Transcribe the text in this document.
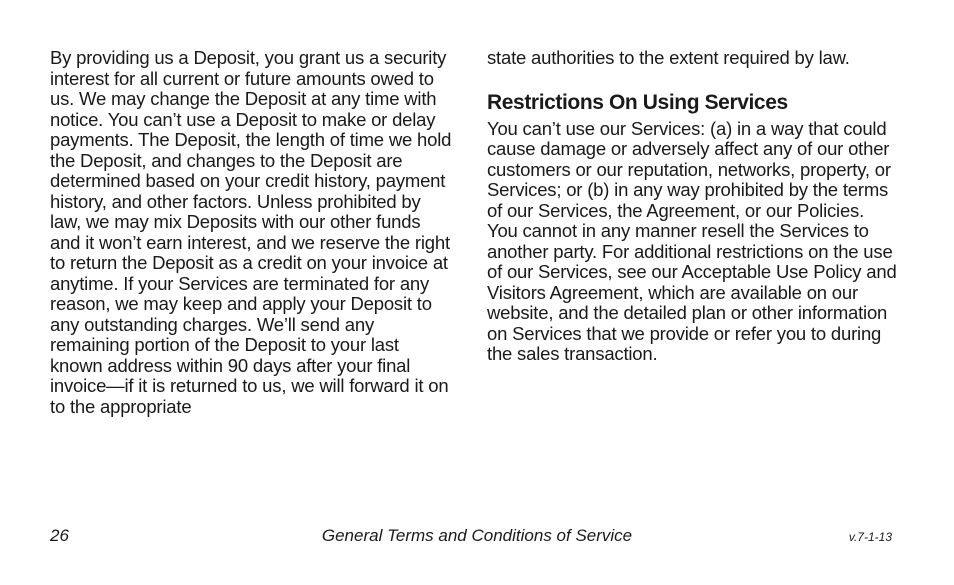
By providing us a Deposit, you grant us a security interest for all current or future amounts owed to us. We may change the Deposit at any time with notice. You can’t use a Deposit to make or delay payments. The Deposit, the length of time we hold the Deposit, and changes to the Deposit are determined based on your credit history, payment history, and other factors. Unless prohibited by law, we may mix Deposits with our other funds and it won’t earn interest, and we reserve the right to return the Deposit as a credit on your invoice at anytime. If your Services are terminated for any reason, we may keep and apply your Deposit to any outstanding charges. We’ll send any remaining portion of the Deposit to your last known address within 90 days after your final invoice—if it is returned to us, we will forward it on to the appropriate

state authorities to the extent required by law.

Restrictions On Using Services

You can’t use our Services: (a) in a way that could cause damage or adversely affect any of our other customers or our reputation, networks, property, or Services; or (b) in any way prohibited by the terms of our Services, the Agreement, or our Policies. You cannot in any manner resell the Services to another party. For additional restrictions on the use of our Services, see our Acceptable Use Policy and Visitors Agreement, which are available on our website, and the detailed plan or other information on Services that we provide or refer you to during the sales transaction.

26	General Terms and Conditions of Service	v.7-1-13
